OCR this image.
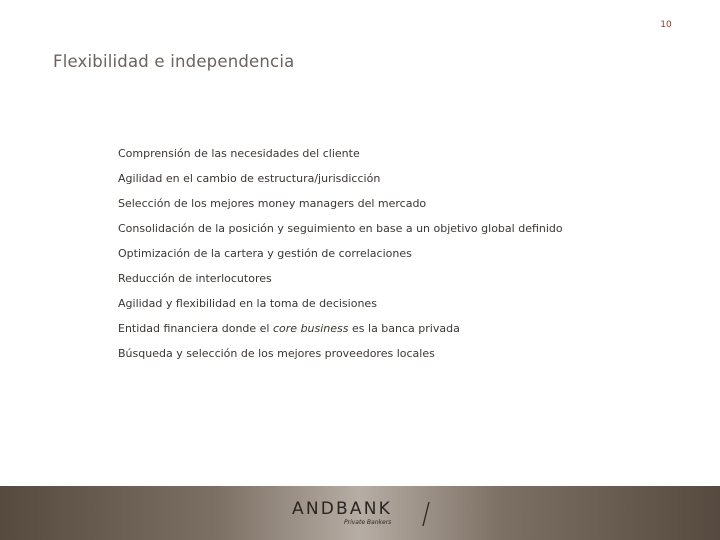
10
Flexibilidad e independencia
Comprensión de las necesidades del cliente
Agilidad en el cambio de estructura/jurisdicción
Selección de los mejores money managers del mercado
Consolidación de la posición y seguimiento en base a un objetivo global definido
Optimización de la cartera y gestión de correlaciones
Reducción de interlocutores
Agilidad y flexibilidad en la toma de decisiones
Entidad financiera donde el core business es la banca privada
Búsqueda y selección de los mejores proveedores locales
ANDBANK
Private Bankers
